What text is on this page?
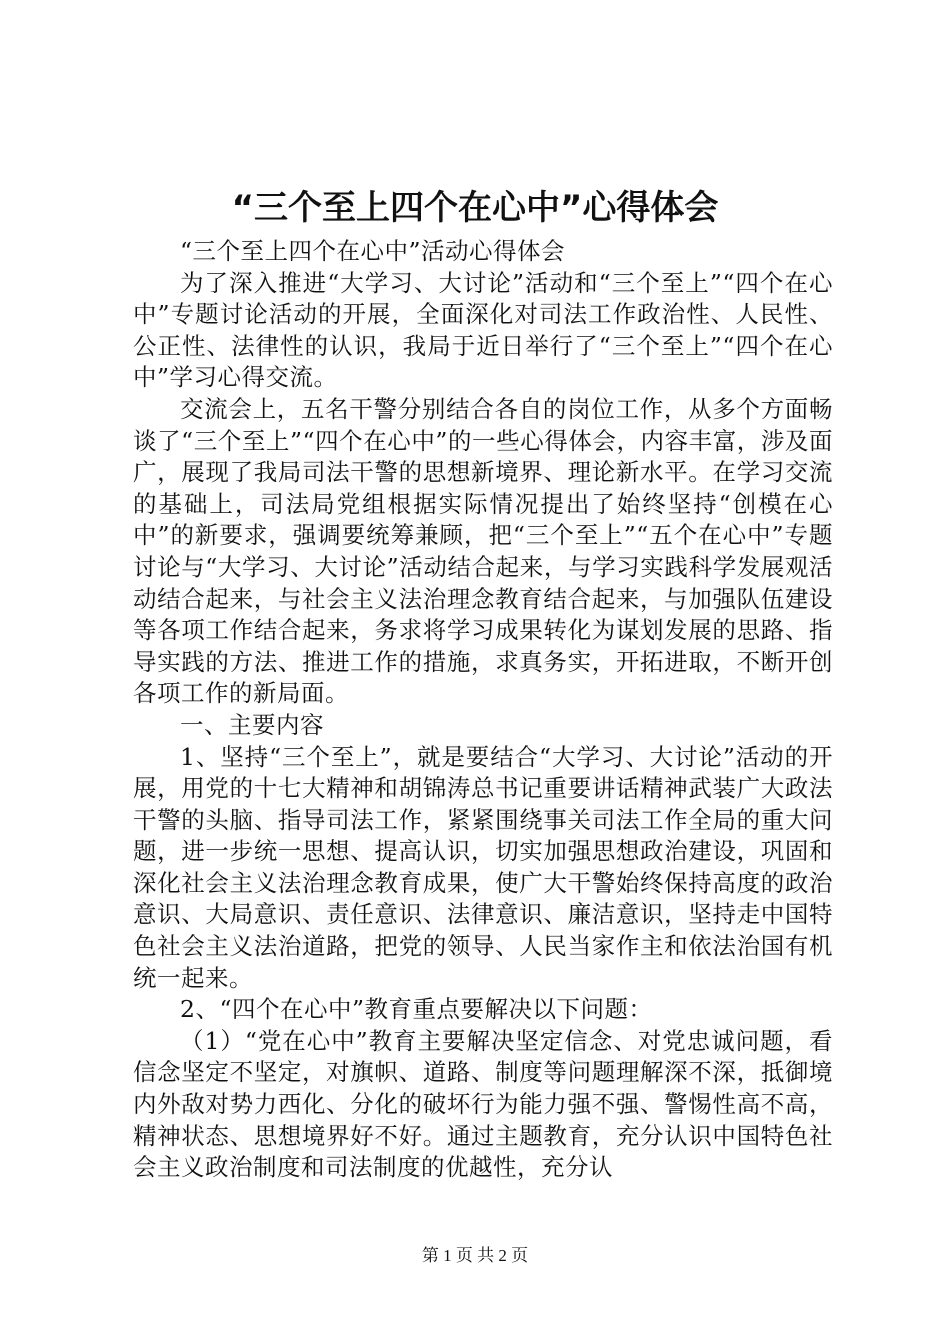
“三个至上四个在心中”心得体会

“三个至上四个在心中”活动心得体会

为了深入推进“大学习、大讨论”活动和“三个至上”“四个在心中”专题讨论活动的开展，全面深化对司法工作政治性、人民性、公正性、法律性的认识，我局于近日举行了“三个至上”“四个在心中”学习心得交流。

交流会上，五名干警分别结合各自的岗位工作，从多个方面畅谈了“三个至上”“四个在心中”的一些心得体会，内容丰富，涉及面广，展现了我局司法干警的思想新境界、理论新水平。在学习交流的基础上，司法局党组根据实际情况提出了始终坚持“创模在心中”的新要求，强调要统筹兼顾，把“三个至上”“五个在心中”专题讨论与“大学习、大讨论”活动结合起来，与学习实践科学发展观活动结合起来，与社会主义法治理念教育结合起来，与加强队伍建设等各项工作结合起来，务求将学习成果转化为谋划发展的思路、指导实践的方法、推进工作的措施，求真务实，开拓进取，不断开创各项工作的新局面。

一、主要内容

1、坚持“三个至上”，就是要结合“大学习、大讨论”活动的开展，用党的十七大精神和胡锦涛总书记重要讲话精神武装广大政法干警的头脑、指导司法工作，紧紧围绕事关司法工作全局的重大问题，进一步统一思想、提高认识，切实加强思想政治建设，巩固和深化社会主义法治理念教育成果，使广大干警始终保持高度的政治意识、大局意识、责任意识、法律意识、廉洁意识，坚持走中国特色社会主义法治道路，把党的领导、人民当家作主和依法治国有机统一起来。

2、“四个在心中”教育重点要解决以下问题：

（1）“党在心中”教育主要解决坚定信念、对党忠诚问题，看信念坚定不坚定，对旗帜、道路、制度等问题理解深不深，抵御境内外敌对势力西化、分化的破坏行为能力强不强、警惕性高不高，精神状态、思想境界好不好。通过主题教育，充分认识中国特色社会主义政治制度和司法制度的优越性，充分认

第 1 页 共 2 页
